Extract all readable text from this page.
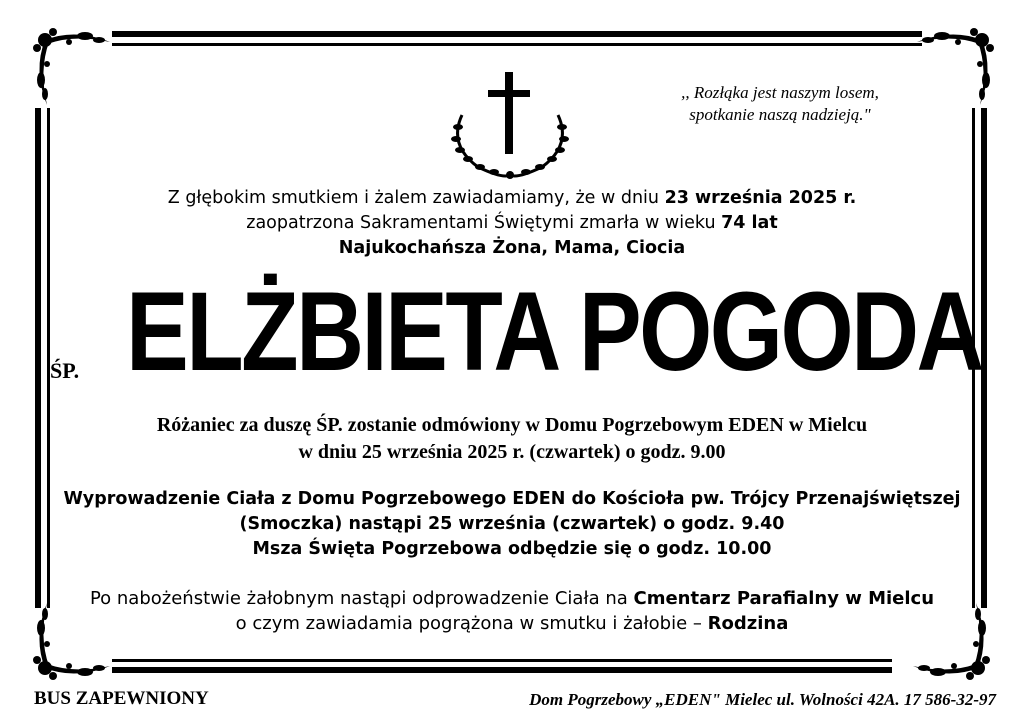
,, Rozłąka jest naszym losem,
spotkanie naszą nadzieją."
Z głębokim smutkiem i żalem zawiadamiamy, że w dniu 23 września 2025 r.
zaopatrzona Sakramentami Świętymi zmarła w wieku 74 lat
Najukochańsza Żona, Mama, Ciocia
ŚP. ELŻBIETA POGODA
Różaniec za duszę ŚP. zostanie odmówiony w Domu Pogrzebowym EDEN w Mielcu
w dniu 25 września 2025 r. (czwartek) o godz. 9.00
Wyprowadzenie Ciała z Domu Pogrzebowego EDEN do Kościoła pw. Trójcy Przenajświętszej
(Smoczka) nastąpi 25 września (czwartek) o godz. 9.40
Msza Święta Pogrzebowa odbędzie się o godz. 10.00
Po nabożeństwie żałobnym nastąpi odprowadzenie Ciała na Cmentarz Parafialny w Mielcu
o czym zawiadamia pogrążona w smutku i żałobie – Rodzina
BUS ZAPEWNIONY	Dom Pogrzebowy „EDEN" Mielec ul. Wolności 42A. 17 586-32-97
